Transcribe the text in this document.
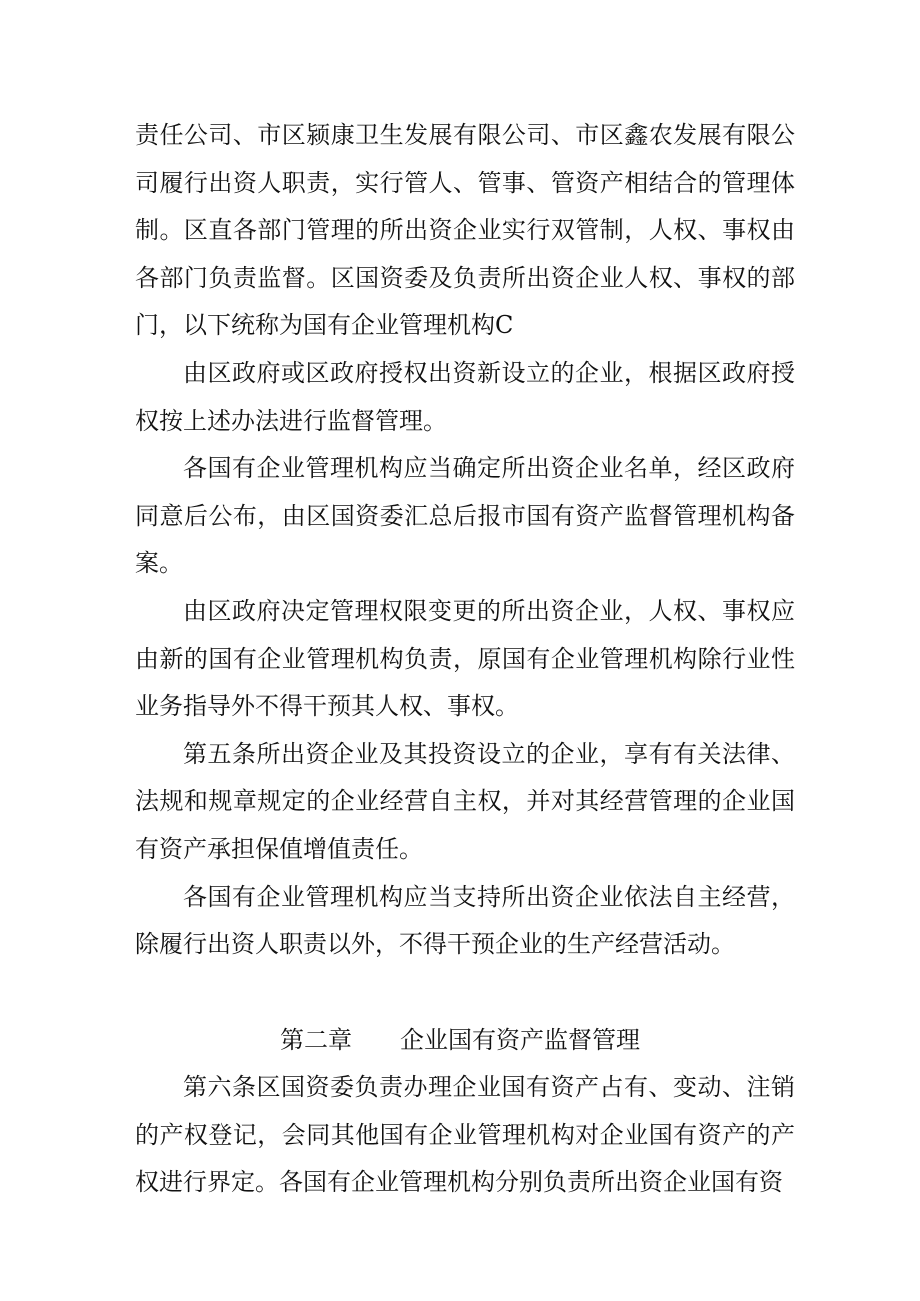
责任公司、市区颍康卫生发展有限公司、市区鑫农发展有限公司履行出资人职责，实行管人、管事、管资产相结合的管理体制。区直各部门管理的所出资企业实行双管制，人权、事权由各部门负责监督。区国资委及负责所出资企业人权、事权的部门，以下统称为国有企业管理机构C

由区政府或区政府授权出资新设立的企业，根据区政府授权按上述办法进行监督管理。

各国有企业管理机构应当确定所出资企业名单，经区政府同意后公布，由区国资委汇总后报市国有资产监督管理机构备案。

由区政府决定管理权限变更的所出资企业，人权、事权应由新的国有企业管理机构负责，原国有企业管理机构除行业性业务指导外不得干预其人权、事权。

第五条所出资企业及其投资设立的企业，享有有关法律、法规和规章规定的企业经营自主权，并对其经营管理的企业国有资产承担保值增值责任。

各国有企业管理机构应当支持所出资企业依法自主经营，除履行出资人职责以外，不得干预企业的生产经营活动。

第二章　　企业国有资产监督管理

第六条区国资委负责办理企业国有资产占有、变动、注销的产权登记，会同其他国有企业管理机构对企业国有资产的产权进行界定。各国有企业管理机构分别负责所出资企业国有资
